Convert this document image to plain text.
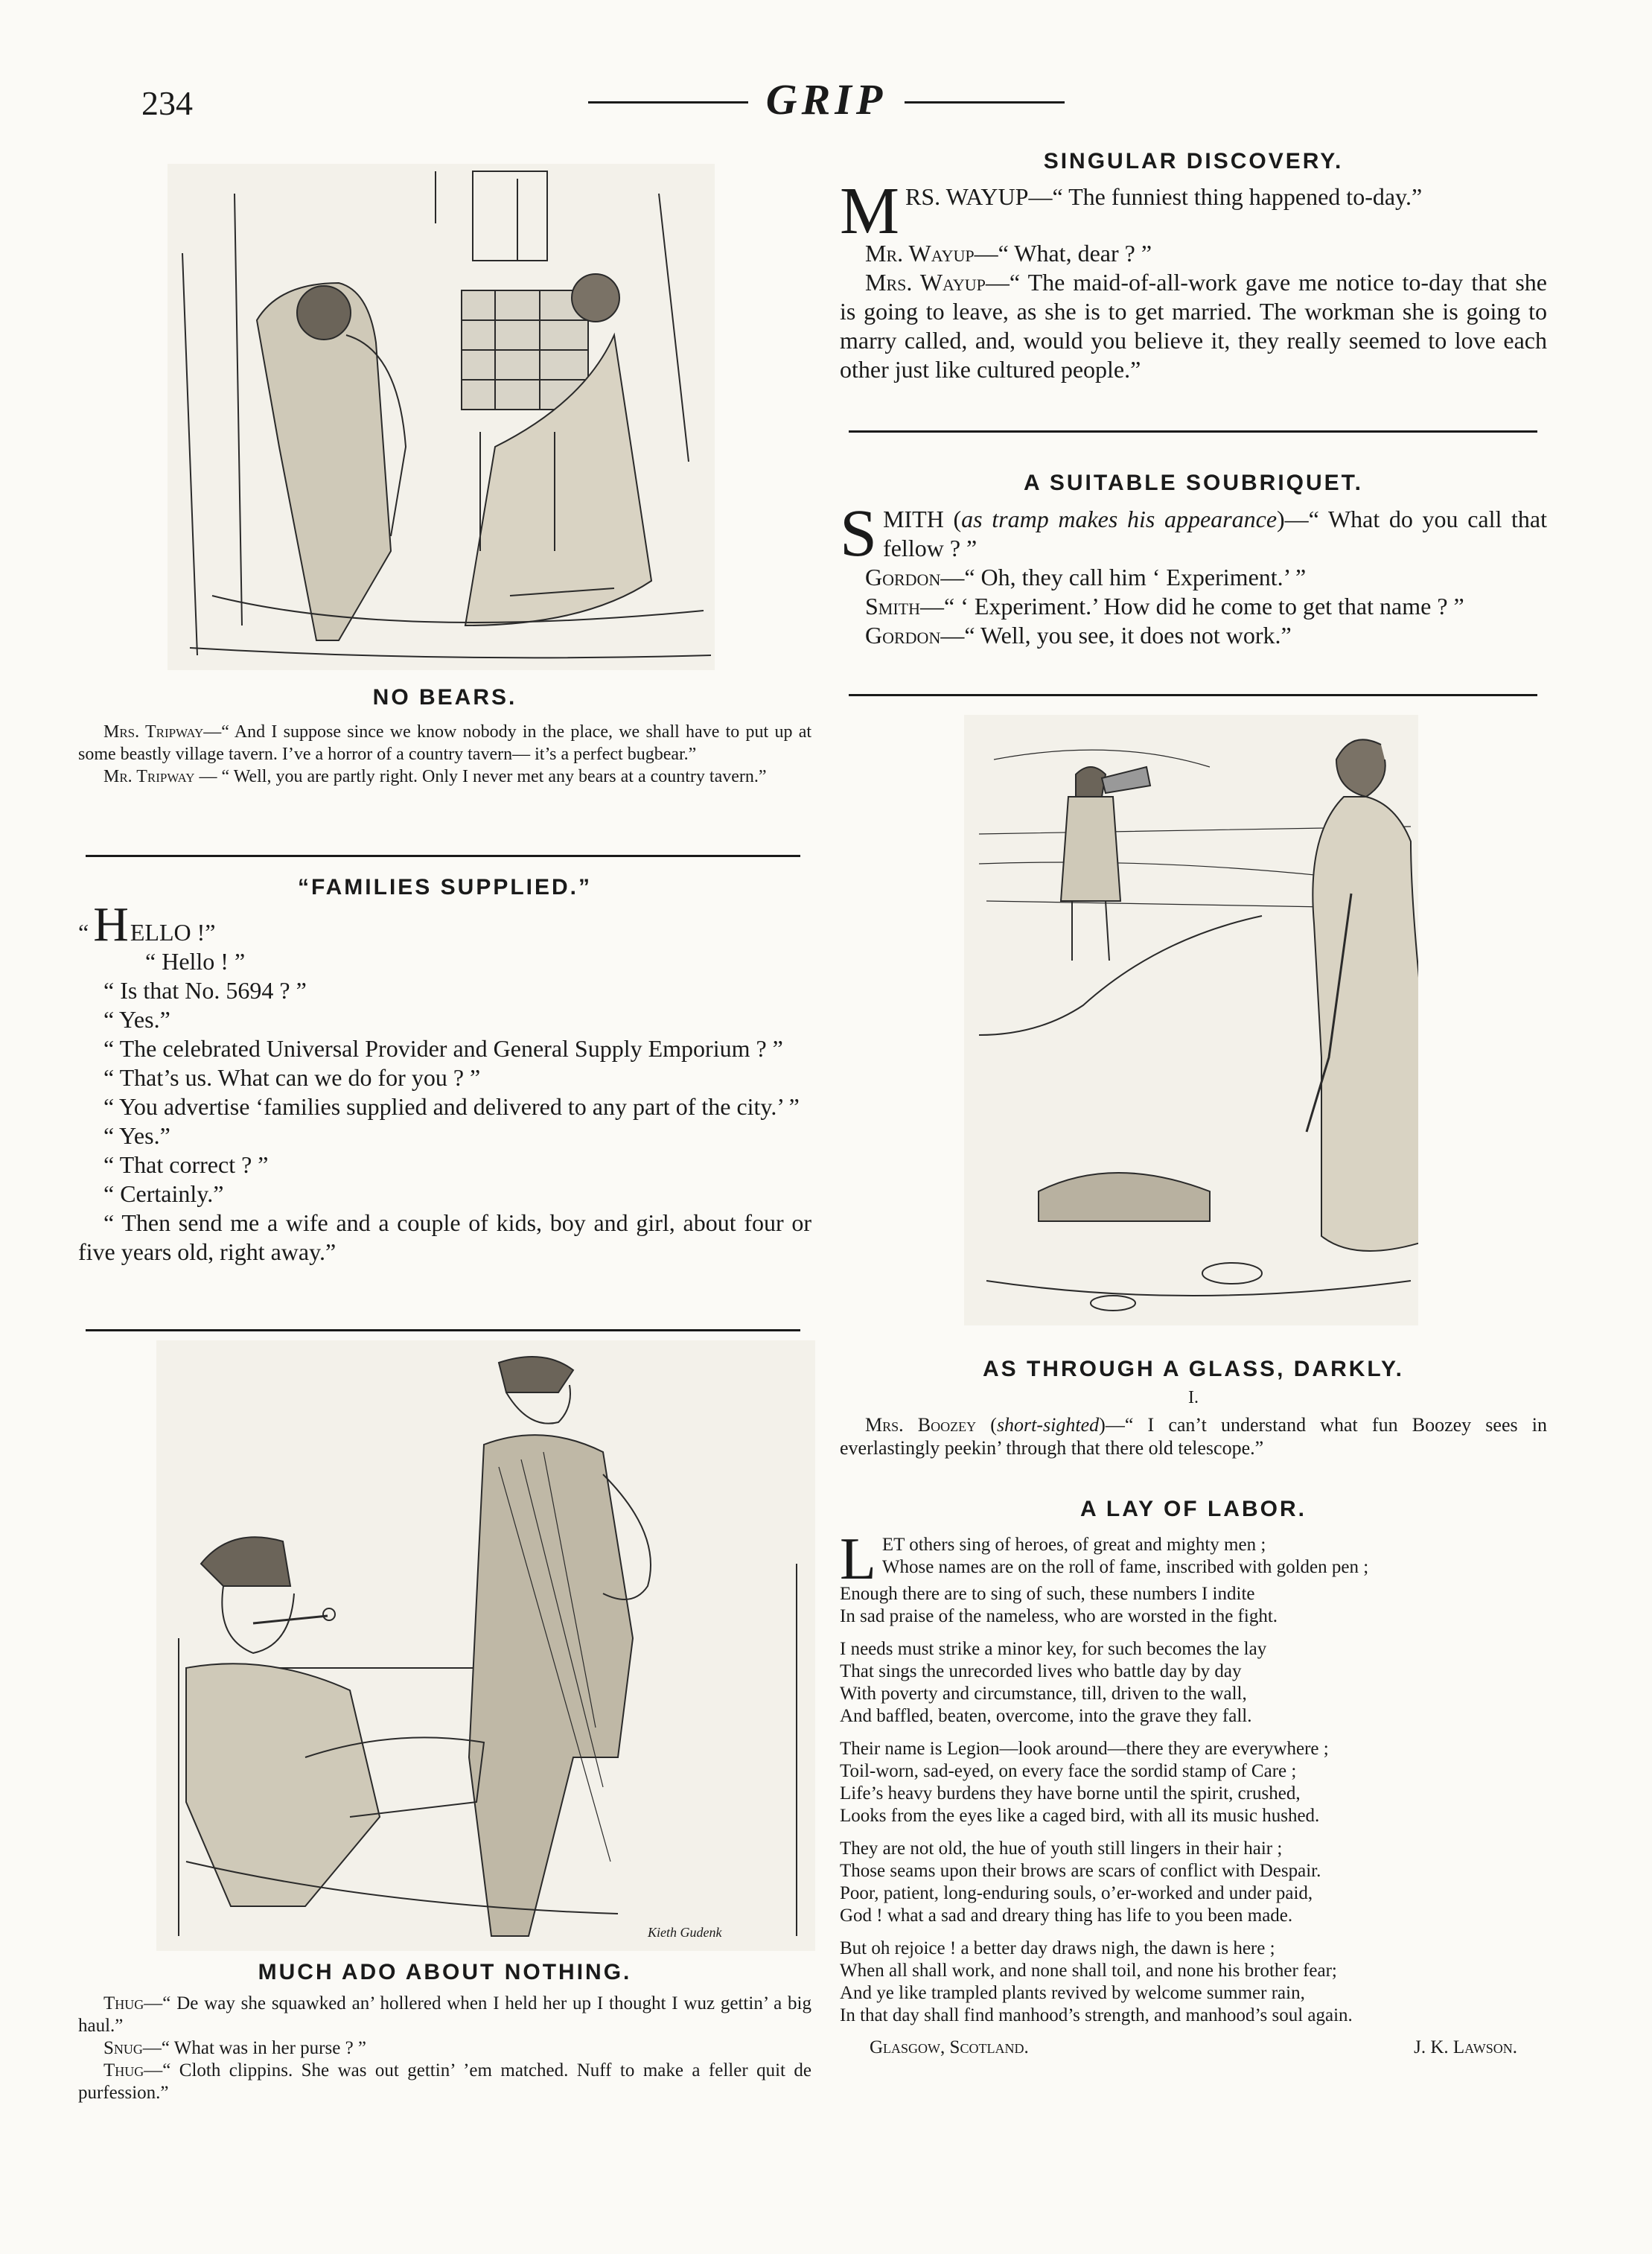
234	GRIP
NO BEARS.

Mrs. Tripway—“ And I suppose since we know nobody in the place, we shall have to put up at some beastly village tavern. I’ve a horror of a country tavern— it’s a perfect bugbear.”

Mr. Tripway — “ Well, you are partly right. Only I never met any bears at a country tavern.”

“FAMILIES SUPPLIED.”

“HELLO !”

“ Hello ! ”

“ Is that No. 5694 ? ”

“ Yes.”

“ The celebrated Universal Provider and General Supply Emporium ? ”

“ That’s us. What can we do for you ? ”

“ You advertise ‘families supplied and delivered to any part of the city.’ ”

“ Yes.”

“ That correct ? ”

“ Certainly.”

“ Then send me a wife and a couple of kids, boy and girl, about four or five years old, right away.”

Kieth Gudenk
MUCH ADO ABOUT NOTHING.

Thug—“ De way she squawked an’ hollered when I held her up I thought I wuz gettin’ a big haul.”

Snug—“ What was in her purse ? ”

Thug—“ Cloth clippins. She was out gettin’ ’em matched. Nuff to make a feller quit de purfession.”

SINGULAR DISCOVERY.

MRS. WAYUP—“ The funniest thing happened to-day.”

Mr. Wayup—“ What, dear ? ”

Mrs. Wayup—“ The maid-of-all-work gave me notice to-day that she is going to leave, as she is to get married. The workman she is going to marry called, and, would you believe it, they really seemed to love each other just like cultured people.”

A SUITABLE SOUBRIQUET.

SMITH (as tramp makes his appearance)—“ What do you call that fellow ? ”

Gordon—“ Oh, they call him ‘ Experiment.’ ”

Smith—“ ‘ Experiment.’ How did he come to get that name ? ”

Gordon—“ Well, you see, it does not work.”

AS THROUGH A GLASS, DARKLY.
I.

Mrs. Boozey (short-sighted)—“ I can’t understand what fun Boozey sees in everlastingly peekin’ through that there old telescope.”

A LAY OF LABOR.

LET others sing of heroes, of great and mighty men ;

Whose names are on the roll of fame, inscribed with golden pen ;

Enough there are to sing of such, these numbers I indite

In sad praise of the nameless, who are worsted in the fight.

I needs must strike a minor key, for such becomes the lay

That sings the unrecorded lives who battle day by day

With poverty and circumstance, till, driven to the wall,

And baffled, beaten, overcome, into the grave they fall.

Their name is Legion—look around—there they are everywhere ;

Toil-worn, sad-eyed, on every face the sordid stamp of Care ;

Life’s heavy burdens they have borne until the spirit, crushed,

Looks from the eyes like a caged bird, with all its music hushed.

They are not old, the hue of youth still lingers in their hair ;

Those seams upon their brows are scars of conflict with Despair.

Poor, patient, long-enduring souls, o’er-worked and under paid,

God ! what a sad and dreary thing has life to you been made.

But oh rejoice ! a better day draws nigh, the dawn is here ;

When all shall work, and none shall toil, and none his brother fear;

And ye like trampled plants revived by welcome summer rain,

In that day shall find manhood’s strength, and manhood’s soul again.

Glasgow, Scotland.	J. K. Lawson.
